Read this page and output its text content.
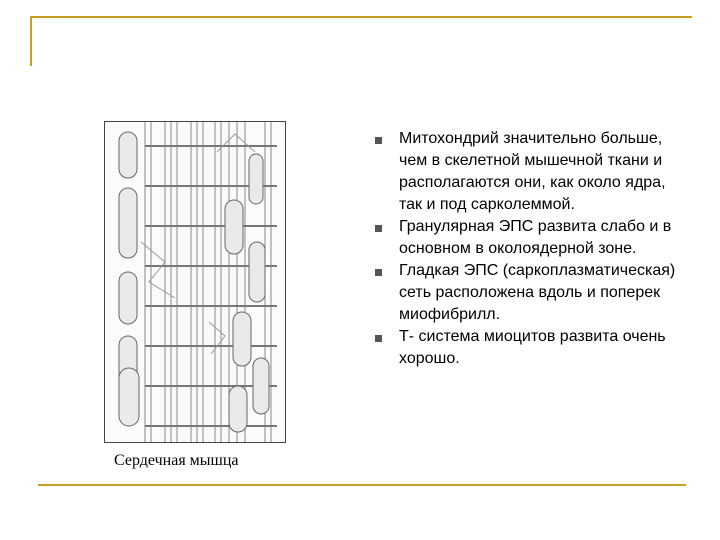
Сердечная мышца
Митохондрий значительно больше, чем в скелетной мышечной ткани и располагаются они, как около ядра, так и под сарколеммой.
Гранулярная ЭПС развита слабо и в основном в околоядерной зоне.
Гладкая ЭПС (саркоплазматическая) сеть расположена вдоль и поперек миофибрилл.
Т- система миоцитов развита очень хорошо.
